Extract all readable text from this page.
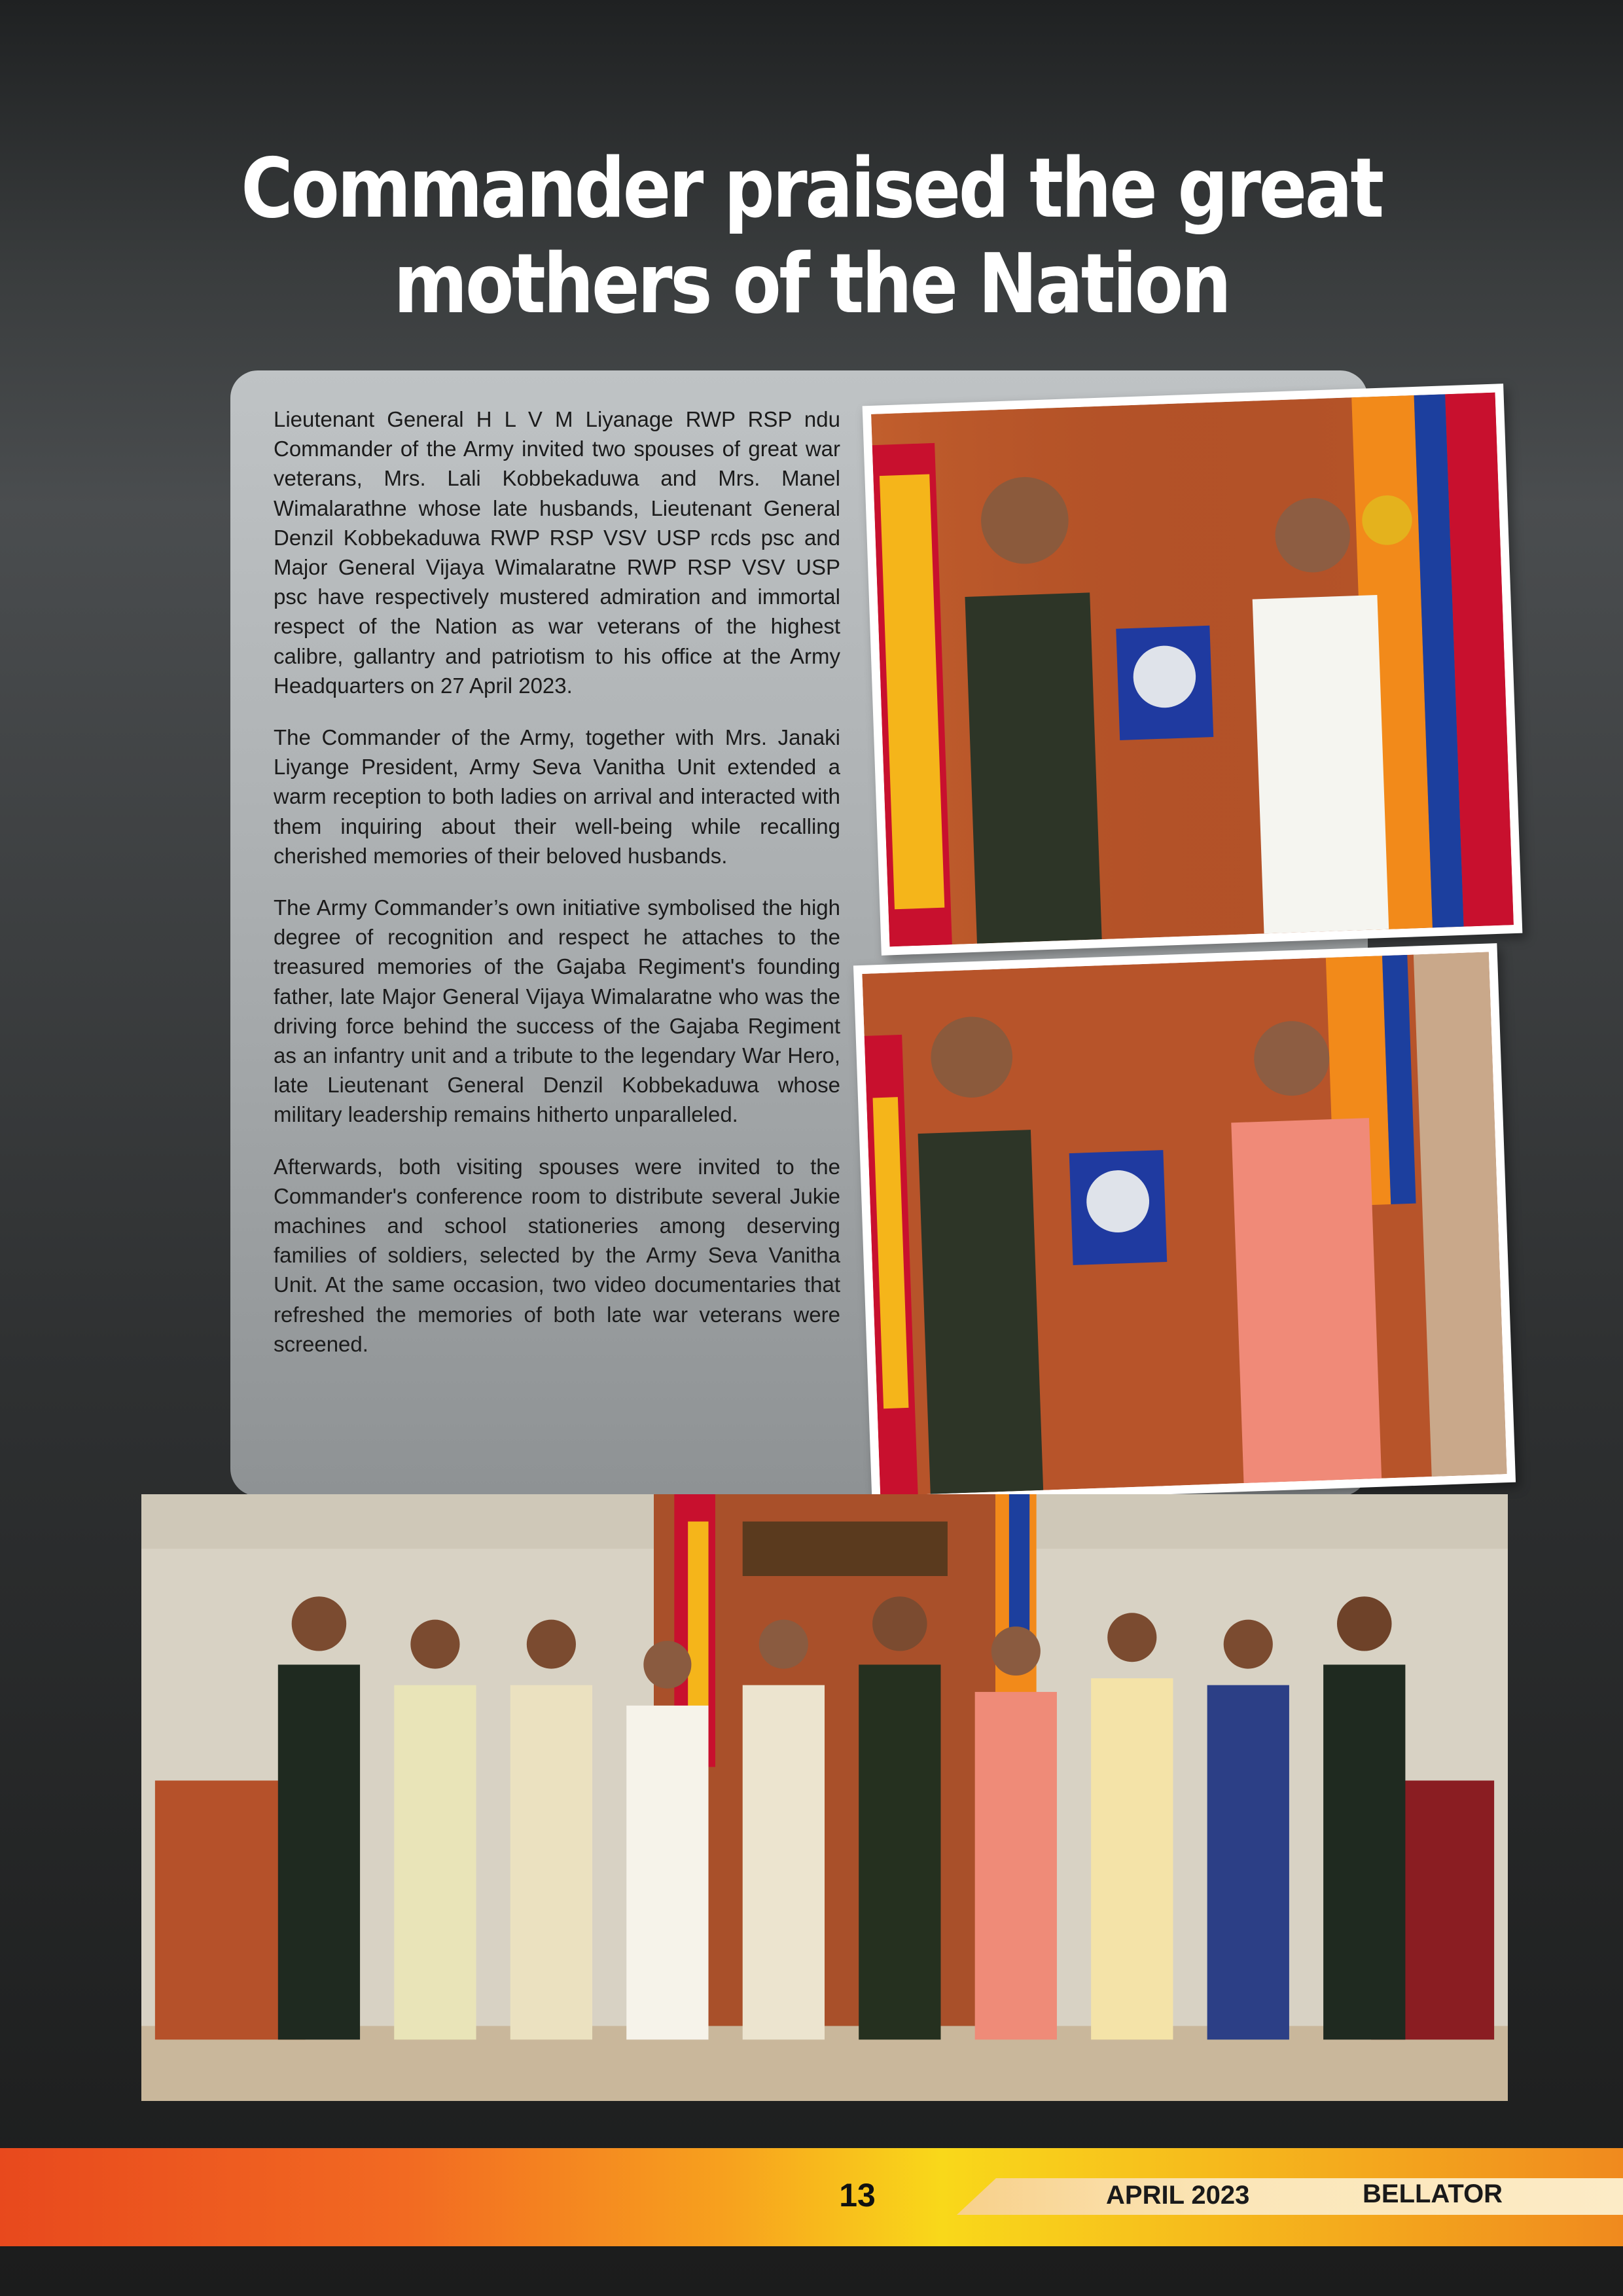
Commander praised the great
mothers of the Nation

Lieutenant General H L V M Liyanage RWP RSP ndu Commander of the Army invited two spouses of great war veterans, Mrs. Lali Kobbekaduwa and Mrs. Manel Wimalarathne whose late husbands, Lieutenant General Denzil Kobbekaduwa RWP RSP VSV USP rcds psc and Major General Vijaya Wimalaratne RWP RSP VSV USP psc have respectively mustered admiration and immortal respect of the Nation as war veterans of the highest calibre, gallantry and patriotism to his office at the Army Headquarters on 27 April 2023.

The Commander of the Army, together with Mrs. Janaki Liyange President, Army Seva Vanitha Unit extended a warm reception to both ladies on arrival and interacted with them inquiring about their well-being while recalling cherished memories of their beloved husbands.

The Army Commander’s own initiative symbolised the high degree of recognition and respect he attaches to the treasured memories of the Gajaba Regiment's founding father, late Major General Vijaya Wimalaratne who was the driving force behind the success of the Gajaba Regiment as an infantry unit and a tribute to the legendary War Hero, late Lieutenant General Denzil Kobbekaduwa whose military leadership remains hitherto unparalleled.

Afterwards, both visiting spouses were invited to the Commander's conference room to distribute several Jukie machines and school stationeries among deserving families of soldiers, selected by the Army Seva Vanitha Unit. At the same occasion, two video documentaries that refreshed the memories of both late war veterans were screened.

13	APRIL 2023	BELLATOR
